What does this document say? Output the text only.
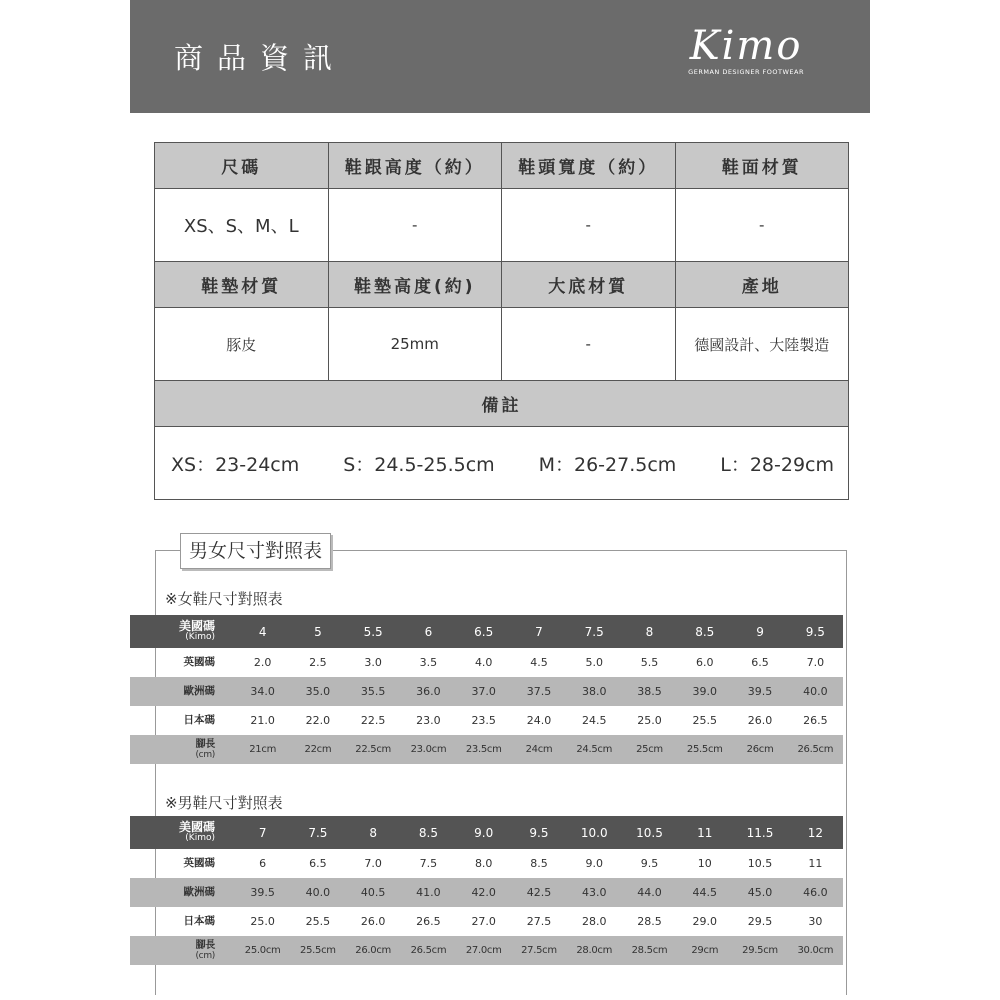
商品資訊	Kimo
GERMAN DESIGNER FOOTWEAR
尺碼	鞋跟高度（約）	鞋頭寬度（約）	鞋面材質
XS、S、M、L	-	-	-
鞋墊材質	鞋墊高度(約)	大底材質	產地
豚皮	25mm	-	德國設計、大陸製造
備註			

XS：23-24cm S：24.5-25.5cm M：26-27.5cm L：28-29cm			
男女尺寸對照表
※女鞋尺寸對照表
美國碼
(Kimo)	4	5	5.5	6	6.5	7	7.5	8	8.5	9	9.5
英國碼	2.0	2.5	3.0	3.5	4.0	4.5	5.0	5.5	6.0	6.5	7.0
歐洲碼	34.0	35.0	35.5	36.0	37.0	37.5	38.0	38.5	39.0	39.5	40.0
日本碼	21.0	22.0	22.5	23.0	23.5	24.0	24.5	25.0	25.5	26.0	26.5
腳長
(cm)	21cm	22cm	22.5cm	23.0cm	23.5cm	24cm	24.5cm	25cm	25.5cm	26cm	26.5cm
※男鞋尺寸對照表
美國碼
(Kimo)	7	7.5	8	8.5	9.0	9.5	10.0	10.5	11	11.5	12
英國碼	6	6.5	7.0	7.5	8.0	8.5	9.0	9.5	10	10.5	11
歐洲碼	39.5	40.0	40.5	41.0	42.0	42.5	43.0	44.0	44.5	45.0	46.0
日本碼	25.0	25.5	26.0	26.5	27.0	27.5	28.0	28.5	29.0	29.5	30
腳長
(cm)	25.0cm	25.5cm	26.0cm	26.5cm	27.0cm	27.5cm	28.0cm	28.5cm	29cm	29.5cm	30.0cm
